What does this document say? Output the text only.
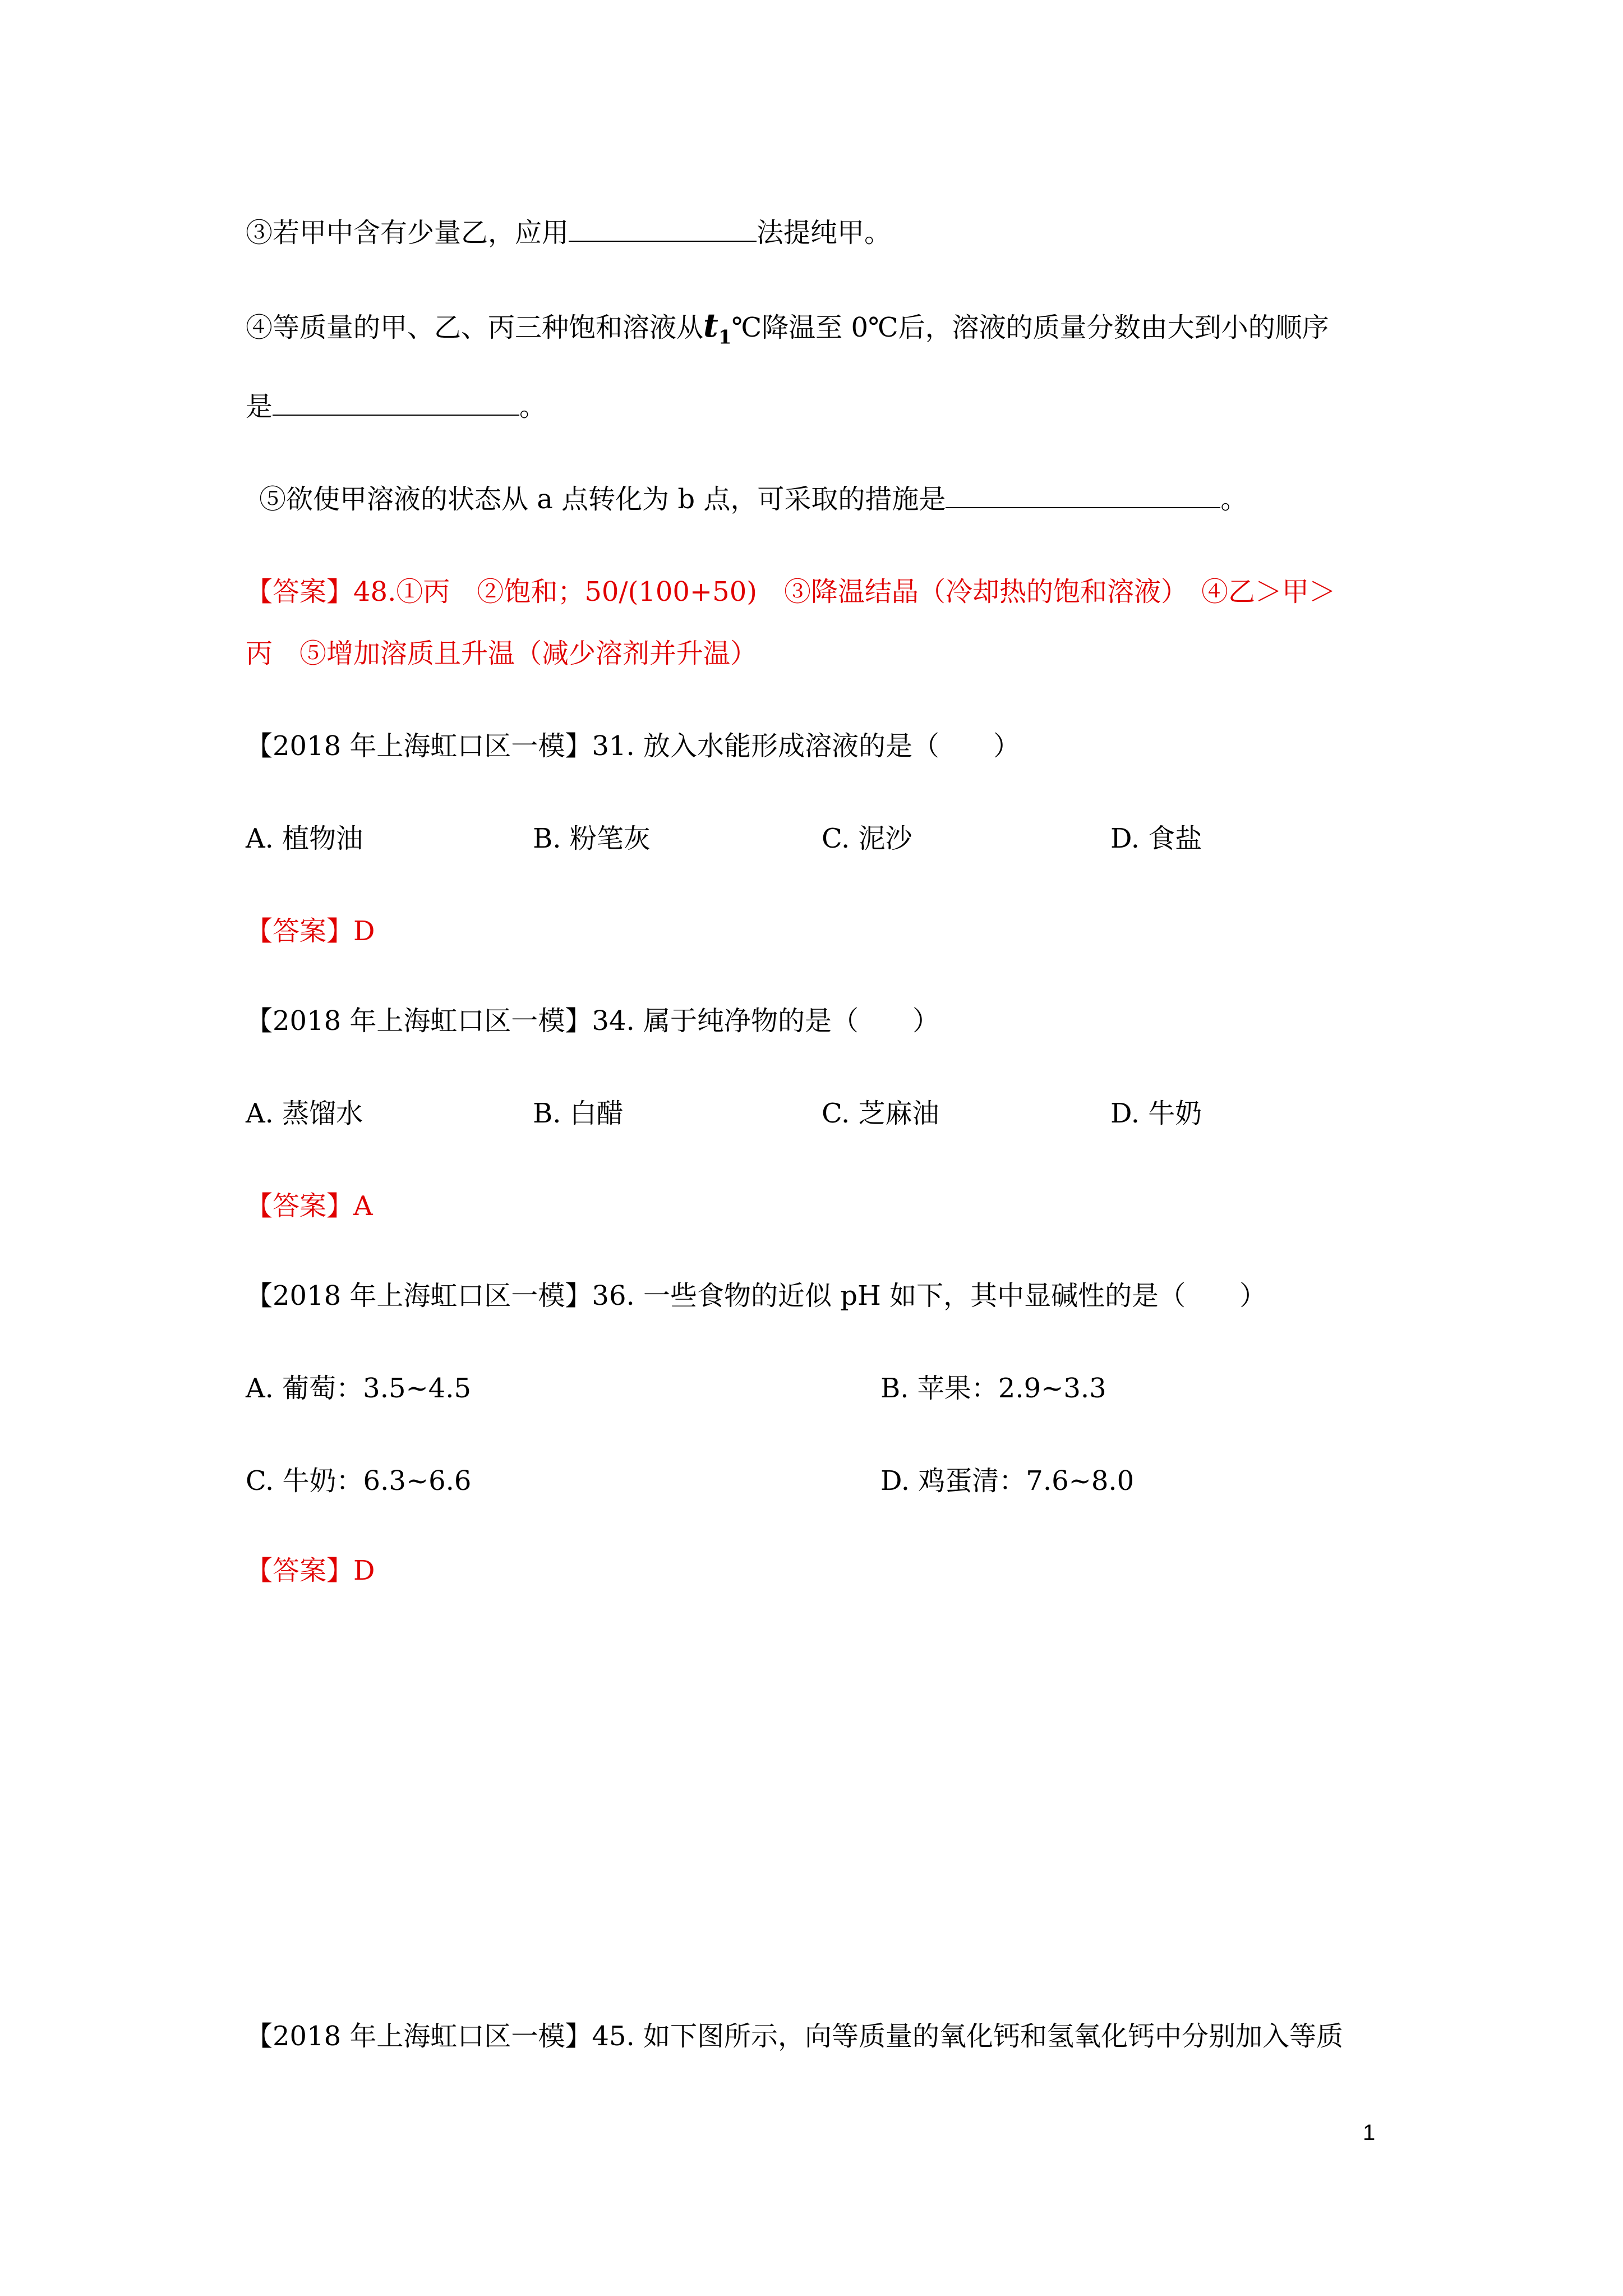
③若甲中含有少量乙，应用	法提纯甲。
④等质量的甲、乙、丙三种饱和溶液从$t_1℃$降温至 0℃后，溶液的质量分数由大到小的顺序
是	。
⑤欲使甲溶液的状态从 a 点转化为 b 点，可采取的措施是	。
【答案】48.①丙　②饱和；50/(100+50)　③降温结晶（冷却热的饱和溶液）　④乙＞甲＞
丙　⑤增加溶质且升温（减少溶剂并升温）
【2018 年上海虹口区一模】31. 放入水能形成溶液的是（　　）
A. 植物油	B. 粉笔灰	C. 泥沙	D. 食盐
【答案】D
【2018 年上海虹口区一模】34. 属于纯净物的是（　　）
A. 蒸馏水	B. 白醋	C. 芝麻油	D. 牛奶
【答案】A
【2018 年上海虹口区一模】36. 一些食物的近似 pH 如下，其中显碱性的是（　　）
A. 葡萄：3.5~4.5	B. 苹果：2.9~3.3
C. 牛奶：6.3~6.6	D. 鸡蛋清：7.6~8.0
【答案】D
【2018 年上海虹口区一模】45. 如下图所示，向等质量的氧化钙和氢氧化钙中分别加入等质
1
